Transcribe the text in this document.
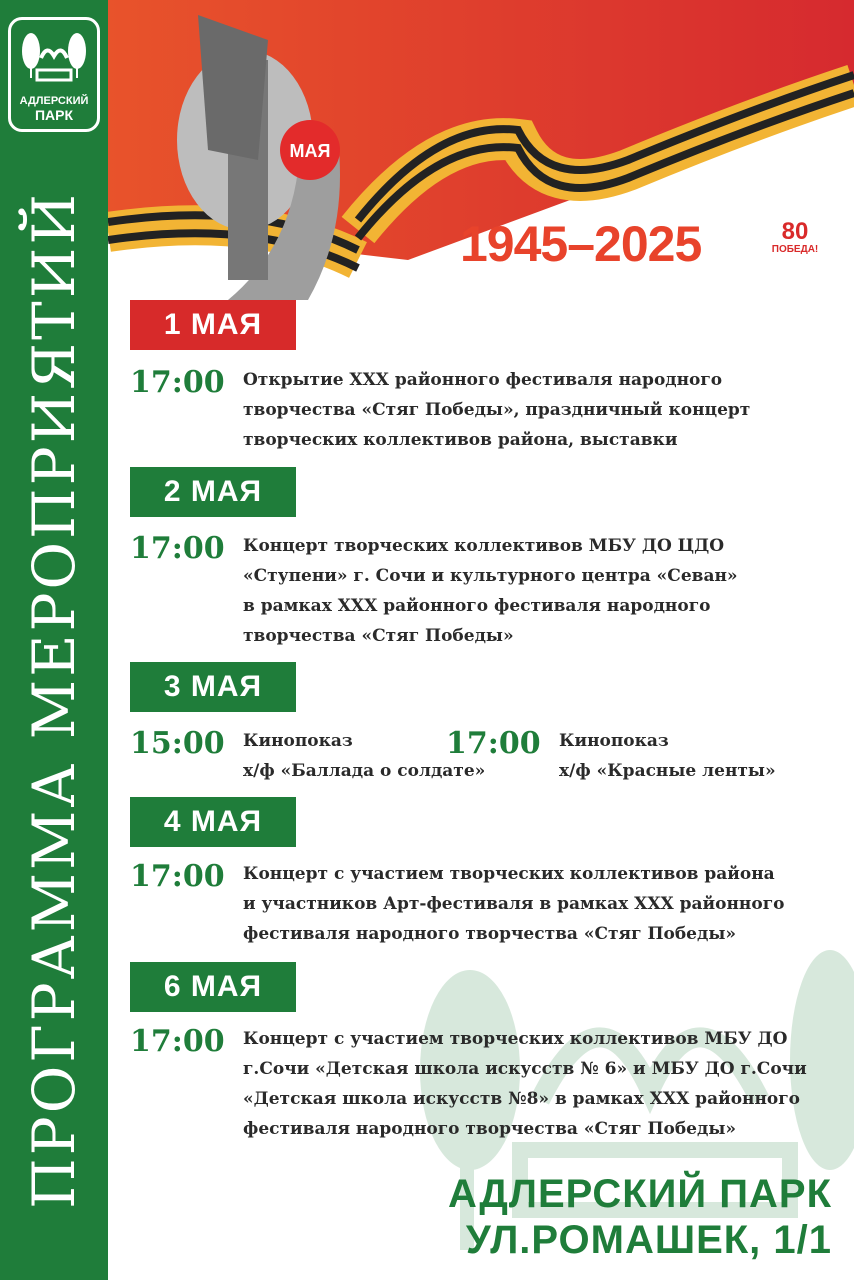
АДЛЕРСКИЙ
ПАРК
ПРОГРАММА МЕРОПРИЯТИЙ
МАЯ
1945–2025	80
ПОБЕДА!
1 МАЯ
17:00 Открытие XXX районного фестиваля народного
творчества «Стяг Победы», праздничный концерт
творческих коллективов района, выставки
2 МАЯ
17:00 Концерт творческих коллективов МБУ ДО ЦДО
«Ступени» г. Сочи и культурного центра «Севан»
в рамках XXX районного фестиваля народного
творчества «Стяг Победы»
3 МАЯ
15:00 Кинопоказ
х/ф «Баллада о солдате»
17:00 Кинопоказ
х/ф «Красные ленты»
4 МАЯ
17:00 Концерт с участием творческих коллективов района
и участников Арт-фестиваля в рамках XXX районного
фестиваля народного творчества «Стяг Победы»
6 МАЯ
17:00 Концерт с участием творческих коллективов МБУ ДО
г.Сочи «Детская школа искусств № 6» и МБУ ДО г.Сочи
«Детская школа искусств №8» в рамках XXX районного
фестиваля народного творчества «Стяг Победы»
АДЛЕРСКИЙ ПАРК
УЛ.РОМАШЕК, 1/1
